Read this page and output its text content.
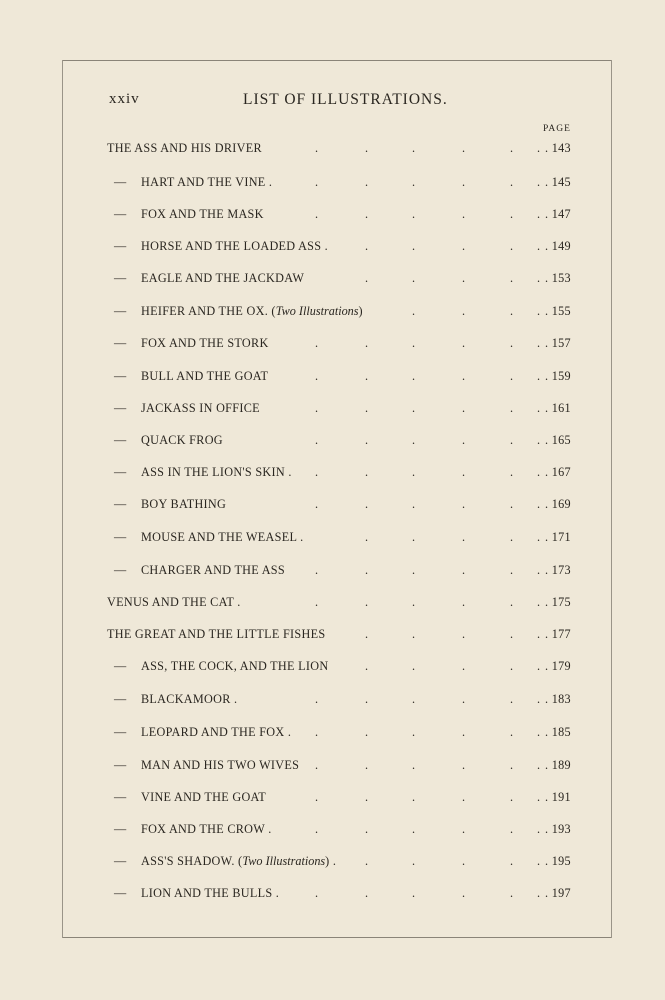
xxiv	LIST OF ILLUSTRATIONS.
PAGE
THE ASS AND HIS DRIVER	.	.	.	.	. . . 143
— HART AND THE VINE .	.	.	.	.	. . . 145
— FOX AND THE MASK	.	.	.	.	. . . 147
— HORSE AND THE LOADED ASS .	.	.	.	. . . 149
— EAGLE AND THE JACKDAW	.	.	.	. . . 153
— HEIFER AND THE OX. (Two Illustrations)	.	.	. . . 155
— FOX AND THE STORK	.	.	.	.	. . . 157
— BULL AND THE GOAT	.	.	.	.	. . . 159
— JACKASS IN OFFICE	.	.	.	.	. . . 161
— QUACK FROG	.	.	.	.	. . . 165
— ASS IN THE LION'S SKIN . .	.	.	.	. . . 167
— BOY BATHING	.	.	.	.	. . . 169
— MOUSE AND THE WEASEL .	.	.	.	. . . 171
— CHARGER AND THE ASS .	.	.	.	. . . 173
VENUS AND THE CAT .	.	.	.	.	. . . 175
THE GREAT AND THE LITTLE FISHES	.	.	.	. . . 177
— ASS, THE COCK, AND THE LION	.	.	.	. . . 179
— BLACKAMOOR .	.	.	.	.	. . . 183
— LEOPARD AND THE FOX . .	.	.	.	. . . 185
— MAN AND HIS TWO WIVES .	.	.	.	. . . 189
— VINE AND THE GOAT	.	.	.	.	. . . 191
— FOX AND THE CROW .	.	.	.	.	. . . 193
— ASS'S SHADOW. (Two Illustrations) . .	.	.	. . . 195
— LION AND THE BULLS .	.	.	.	.	. . . 197
